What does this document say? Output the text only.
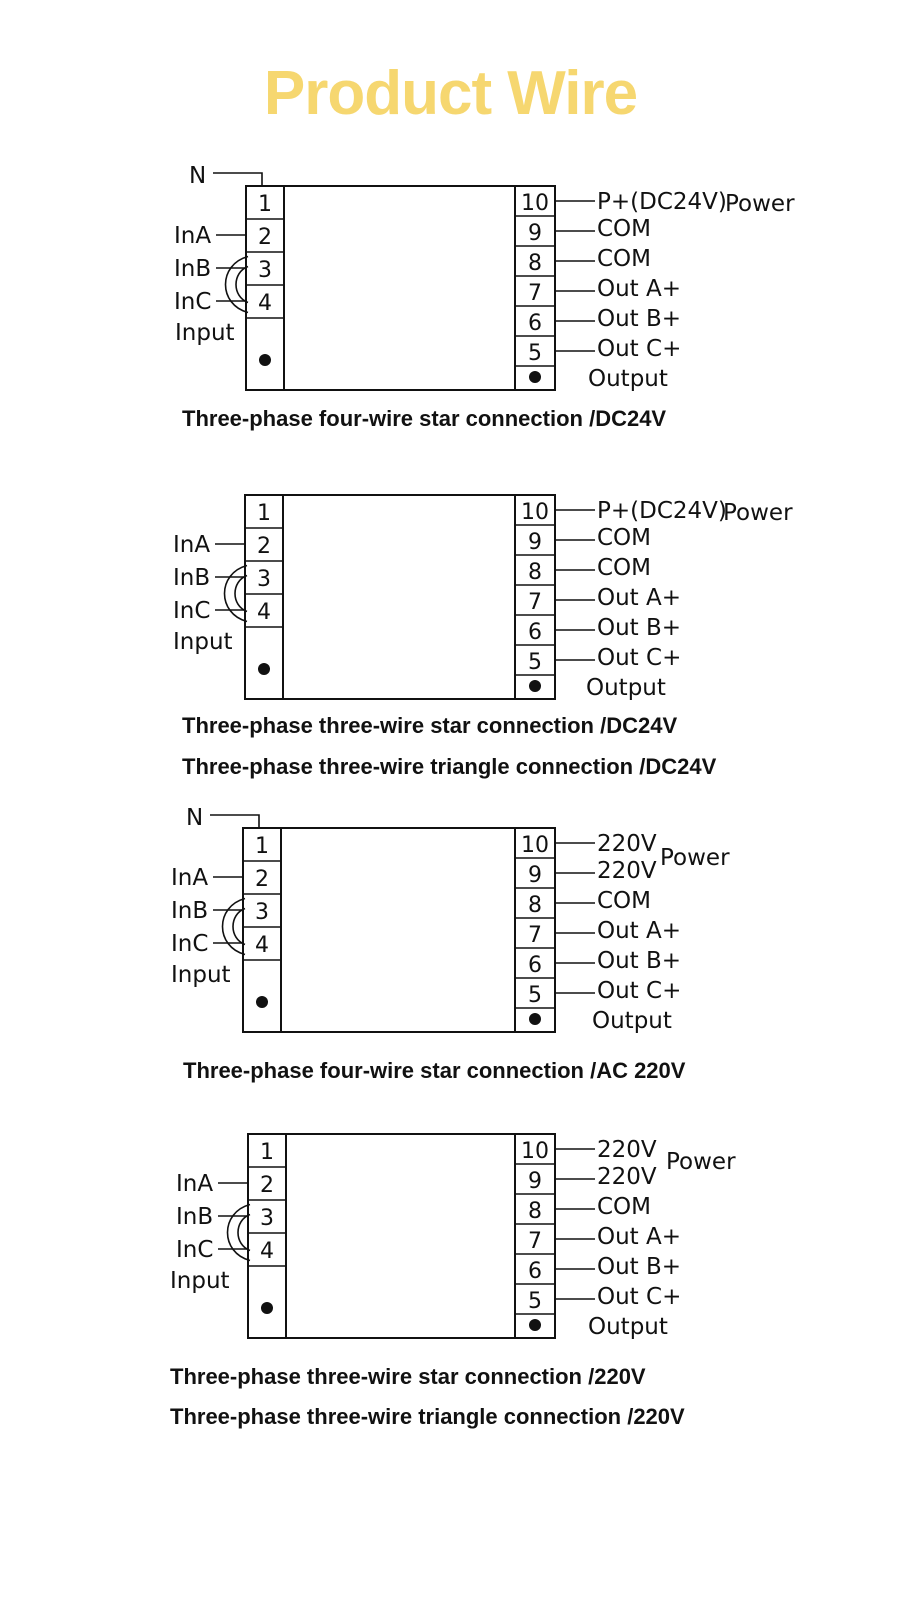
Product Wire
1
2
3
4
10
9
8
7
6
5
N
InA
InB
InC
Input
P+(DC24V)
COM
COM
Out A+
Out B+
Out C+
Power
Output
Three-phase four-wire star connection /DC24V
1
2
3
4
10
9
8
7
6
5
InA
InB
InC
Input
P+(DC24V)
COM
COM
Out A+
Out B+
Out C+
Power
Output
Three-phase three-wire star connection /DC24V
Three-phase three-wire triangle connection /DC24V
1
2
3
4
10
9
8
7
6
5
N
InA
InB
InC
Input
220V
220V
COM
Out A+
Out B+
Out C+
Power
Output
Three-phase four-wire star connection /AC 220V
1
2
3
4
10
9
8
7
6
5
InA
InB
InC
Input
220V
220V
COM
Out A+
Out B+
Out C+
Power
Output
Three-phase three-wire star connection /220V
Three-phase three-wire triangle connection /220V
